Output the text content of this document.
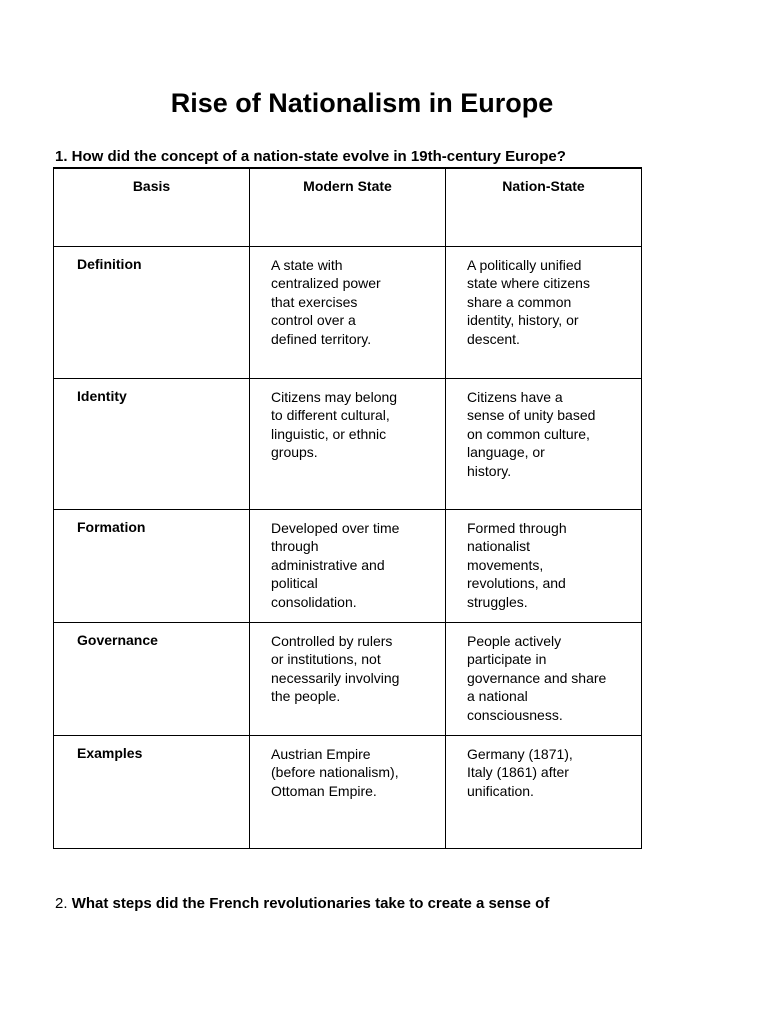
Rise of Nationalism in Europe

1. How did the concept of a nation-state evolve in 19th-century Europe?

Basis	Modern State	Nation-State
Definition	A state with
centralized power
that exercises
control over a
defined territory.	A politically unified
state where citizens
share a common
identity, history, or
descent.
Identity	Citizens may belong
to different cultural,
linguistic, or ethnic
groups.	Citizens have a
sense of unity based
on common culture,
language, or
history.
Formation	Developed over time
through
administrative and
political
consolidation.	Formed through
nationalist
movements,
revolutions, and
struggles.
Governance	Controlled by rulers
or institutions, not
necessarily involving
the people.	People actively
participate in
governance and share
a national
consciousness.
Examples	Austrian Empire
(before nationalism),
Ottoman Empire.	Germany (1871),
Italy (1861) after
unification.

2. What steps did the French revolutionaries take to create a sense of
